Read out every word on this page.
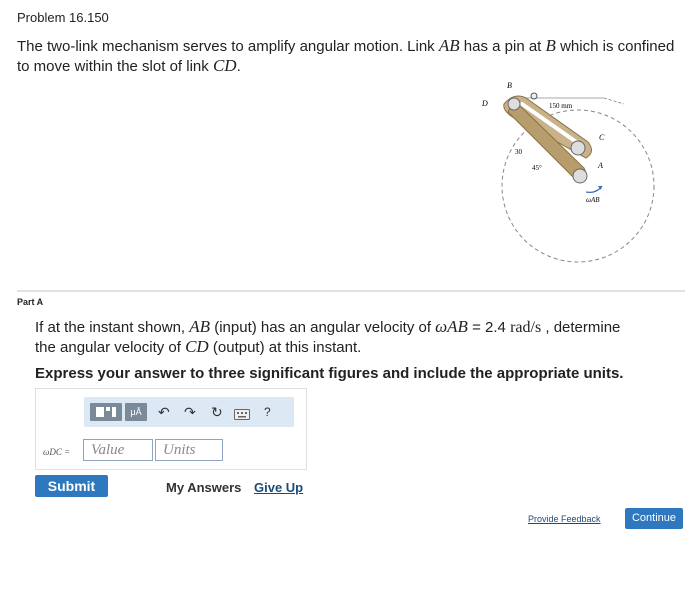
Problem 16.150
The two-link mechanism serves to amplify angular motion. Link AB has a pin at B which is confined to move within the slot of link CD.
B
D
C
A
150 mm
30
45°
ωAB
Part A
If at the instant shown, AB (input) has an angular velocity of ωAB = 2.4 rad/s , determine
the angular velocity of CD (output) at this instant.
Express your answer to three significant figures and include the appropriate units.
μÅ	↶ ↷ ↻	?
ωDC =	Value	Units
Submit	My Answers Give Up
Provide Feedback	Continue
